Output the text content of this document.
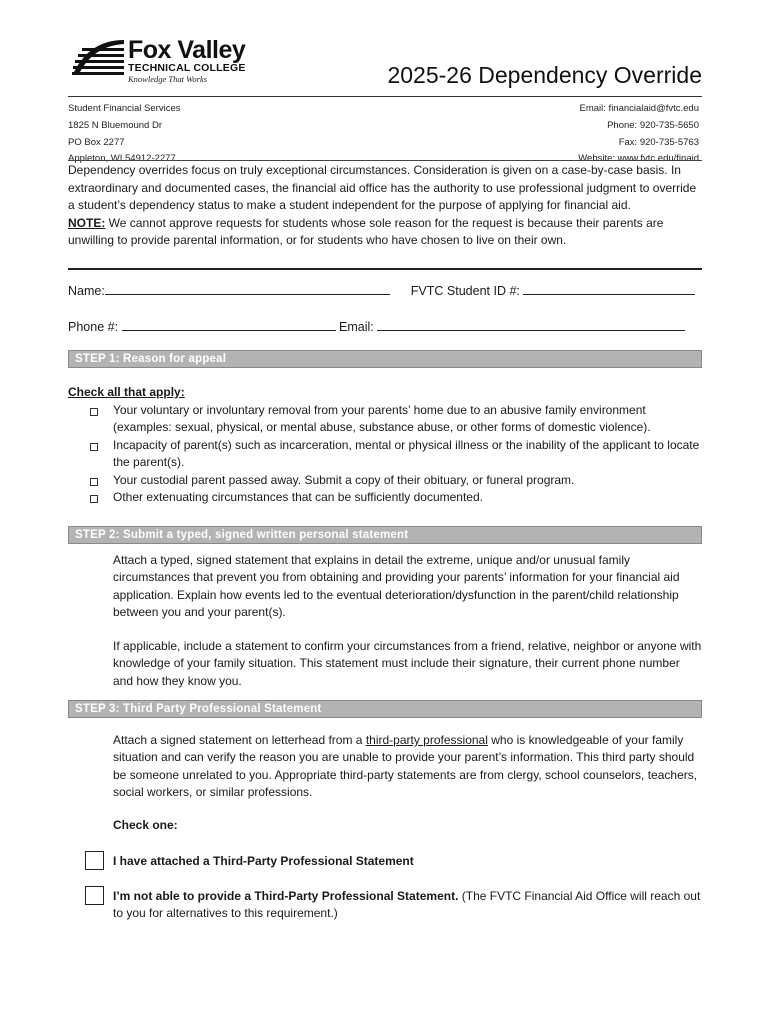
Fox Valley
TECHNICAL COLLEGE
Knowledge That Works	2025-26 Dependency Override
Student Financial Services
1825 N Bluemound Dr
PO Box 2277
Appleton, WI 54912-2277
Email: financialaid@fvtc.edu
Phone: 920-735-5650
Fax: 920-735-5763
Website: www.fvtc.edu/finaid
Dependency overrides focus on truly exceptional circumstances. Consideration is given on a case-by-case basis. In extraordinary and documented cases, the financial aid office has the authority to use professional judgment to override a student’s dependency status to make a student independent for the purpose of applying for financial aid.
NOTE: We cannot approve requests for students whose sole reason for the request is because their parents are unwilling to provide parental information, or for students who have chosen to live on their own.
Name:	FVTC Student ID #:
Phone #:	Email:
STEP 1: Reason for appeal
Check all that apply:
Your voluntary or involuntary removal from your parents’ home due to an abusive family environment (examples: sexual, physical, or mental abuse, substance abuse, or other forms of domestic violence).
Incapacity of parent(s) such as incarceration, mental or physical illness or the inability of the applicant to locate the parent(s).
Your custodial parent passed away. Submit a copy of their obituary, or funeral program.
Other extenuating circumstances that can be sufficiently documented.
STEP 2: Submit a typed, signed written personal statement
Attach a typed, signed statement that explains in detail the extreme, unique and/or unusual family circumstances that prevent you from obtaining and providing your parents’ information for your financial aid application. Explain how events led to the eventual deterioration/dysfunction in the parent/child relationship between you and your parent(s).
If applicable, include a statement to confirm your circumstances from a friend, relative, neighbor or anyone with knowledge of your family situation. This statement must include their signature, their current phone number and how they know you.
STEP 3: Third Party Professional Statement
Attach a signed statement on letterhead from a third-party professional who is knowledgeable of your family situation and can verify the reason you are unable to provide your parent’s information. This third party should be someone unrelated to you. Appropriate third-party statements are from clergy, school counselors, teachers, social workers, or similar professions.
Check one:
I have attached a Third-Party Professional Statement
I’m not able to provide a Third-Party Professional Statement. (The FVTC Financial Aid Office will reach out to you for alternatives to this requirement.)
